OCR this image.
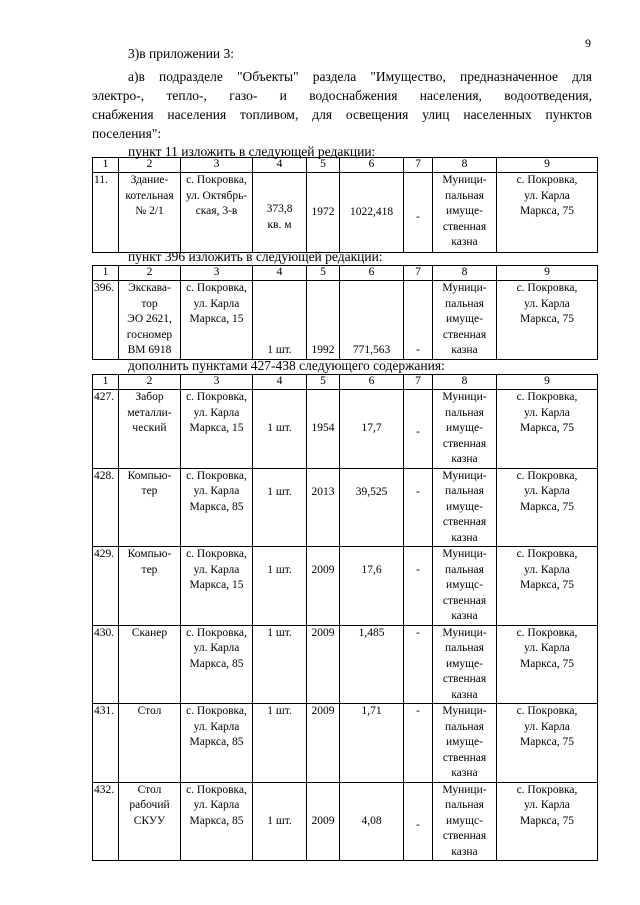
9
3)в приложении 3:
а)в подразделе "Объекты" раздела "Имущество, предназначенное для
электро-, тепло-, газо- и водоснабжения населения, водоотведения,
снабжения населения топливом, для освещения улиц населенных пунктов
поселения":
пункт 11 изложить в следующей редакции:
1	2	3	4	5	6	7	8	9
11.	Здание-
котельная
№ 2/1	с. Покровка,
ул. Октябрь-
ская, 3-в	373,8
кв. м	1972	1022,418	-	Муници-
пальная
имуще-
ственная
казна	с. Покровка,
ул. Карла
Маркса, 75
пункт 396 изложить в следующей редакции:
1	2	3	4	5	6	7	8	9
396.	Экскава-
тор
ЭО 2621,
госномер
ВМ 6918	с. Покровка,
ул. Карла
Маркса, 15	1 шт.	1992	771,563	-	Муници-
пальная
имуще-
ственная
казна	с. Покровка,
ул. Карла
Маркса, 75
дополнить пунктами 427-438 следующего содержания:
1	2	3	4	5	6	7	8	9
427.	Забор
металли-
ческий	с. Покровка,
ул. Карла
Маркса, 15	1 шт.	1954	17,7	-	Муници-
пальная
имуще-
ственная
казна	с. Покровка,
ул. Карла
Маркса, 75

428.	Компью-
тер	с. Покровка,
ул. Карла
Маркса, 85	1 шт.	2013	39,525	-	Муници-
пальная
имуще-
ственная
казна	с. Покровка,
ул. Карла
Маркса, 75

429.	Компью-
тер	с. Покровка,
ул. Карла
Маркса, 15	1 шт.	2009	17,6	-	Муници-
пальная
имущс-
ственная
казна	с. Покровка,
ул. Карла
Маркса, 75

430.	Сканер	с. Покровка,
ул. Карла
Маркса, 85	1 шт.	2009	1,485	-	Муници-
пальная
имуще-
ственная
казна	с. Покровка,
ул. Карла
Маркса, 75

431.	Стол	с. Покровка,
ул. Карла
Маркса, 85	1 шт.	2009	1,71	-	Муници-
пальная
имуще-
ственная
казна	с. Покровка,
ул. Карла
Маркса, 75

432.	Стол
рабочий
СКУУ	с. Покровка,
ул. Карла
Маркса, 85	1 шт.	2009	4,08	-	Муници-
пальная
имущс-
ственная
казна	с. Покровка,
ул. Карла
Маркса, 75
